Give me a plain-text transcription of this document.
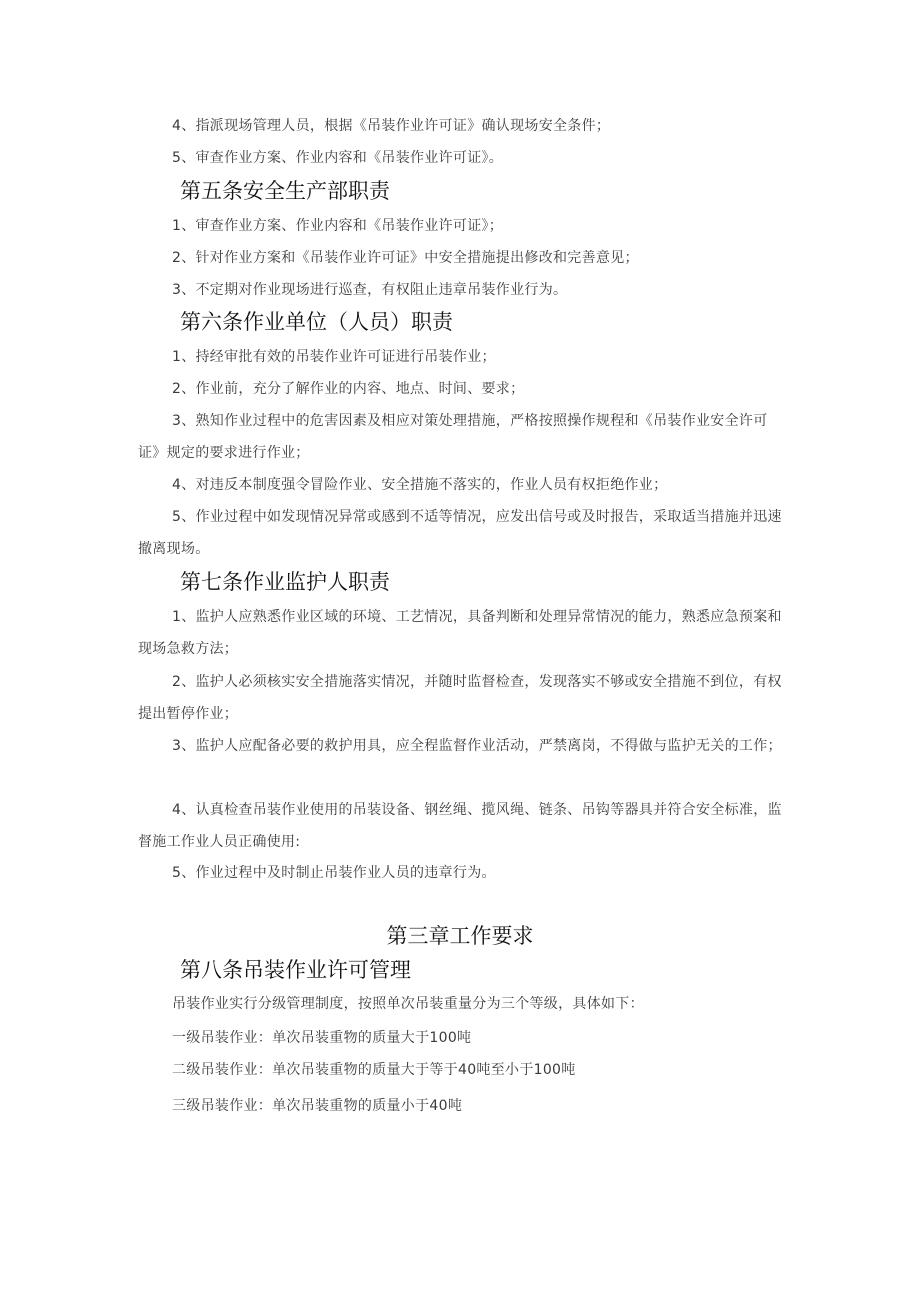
4、指派现场管理人员，根据《吊装作业许可证》确认现场安全条件；
5、审查作业方案、作业内容和《吊装作业许可证》。
第五条安全生产部职责
1、审查作业方案、作业内容和《吊装作业许可证》；
2、针对作业方案和《吊装作业许可证》中安全措施提出修改和完善意见；
3、不定期对作业现场进行巡查，有权阻止违章吊装作业行为。
第六条作业单位（人员）职责
1、持经审批有效的吊装作业许可证进行吊装作业；
2、作业前，充分了解作业的内容、地点、时间、要求；
3、熟知作业过程中的危害因素及相应对策处理措施，严格按照操作规程和《吊装作业安全许可证》规定的要求进行作业；
4、对违反本制度强令冒险作业、安全措施不落实的，作业人员有权拒绝作业；
5、作业过程中如发现情况异常或感到不适等情况，应发出信号或及时报告，采取适当措施并迅速撤离现场。
第七条作业监护人职责
1、监护人应熟悉作业区域的环境、工艺情况，具备判断和处理异常情况的能力，熟悉应急预案和现场急救方法；
2、监护人必须核实安全措施落实情况，并随时监督检查，发现落实不够或安全措施不到位，有权提出暂停作业；
3、监护人应配备必要的救护用具，应全程监督作业活动，严禁离岗，不得做与监护无关的工作；
4、认真检查吊装作业使用的吊装设备、钢丝绳、揽风绳、链条、吊钩等器具并符合安全标准，监督施工作业人员正确使用:
5、作业过程中及时制止吊装作业人员的违章行为。
第三章工作要求
第八条吊装作业许可管理
吊装作业实行分级管理制度，按照单次吊装重量分为三个等级，具体如下：
一级吊装作业：单次吊装重物的质量大于100吨
二级吊装作业：单次吊装重物的质量大于等于40吨至小于100吨
三级吊装作业：单次吊装重物的质量小于40吨
